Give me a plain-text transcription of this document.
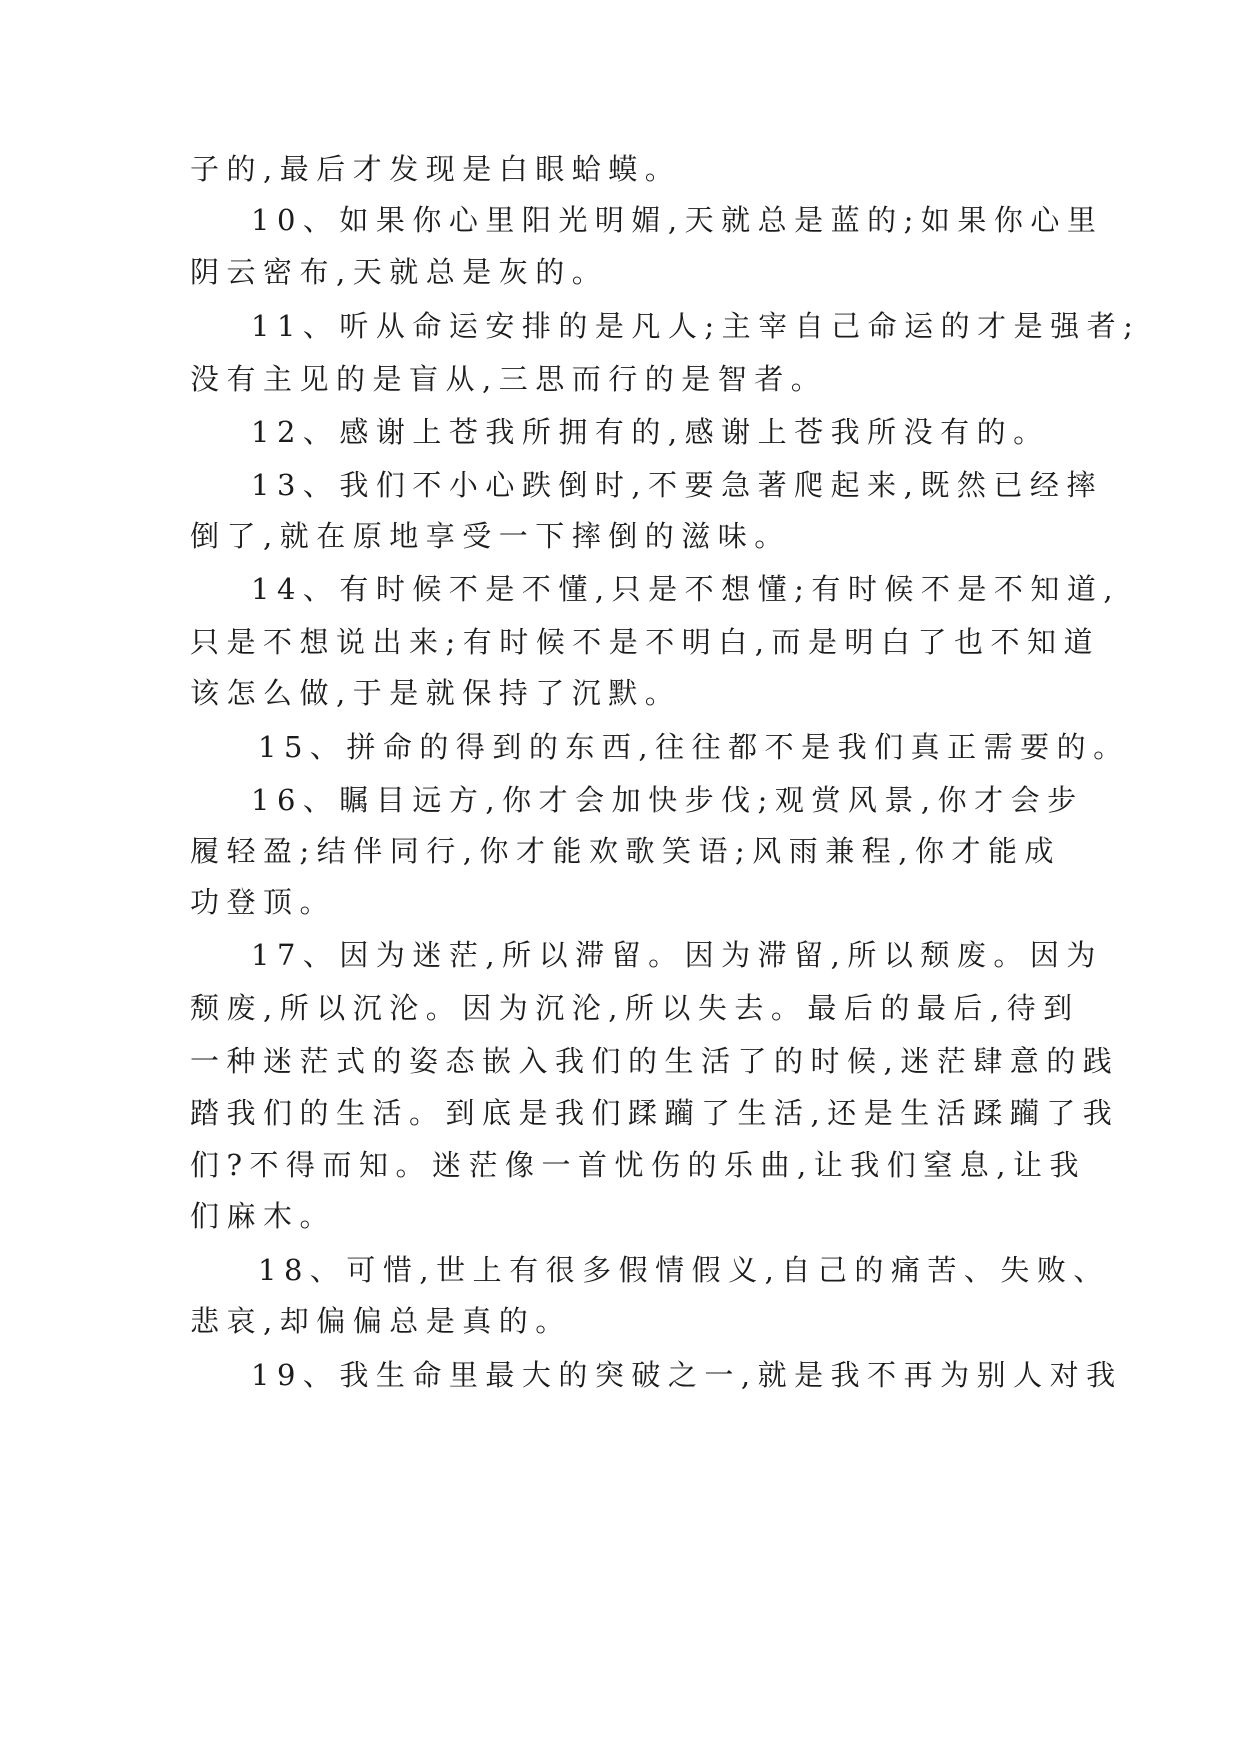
子的,最后才发现是白眼蛤蟆。
10、如果你心里阳光明媚,天就总是蓝的;如果你心里
阴云密布,天就总是灰的。
11、听从命运安排的是凡人;主宰自己命运的才是强者;
没有主见的是盲从,三思而行的是智者。
12、感谢上苍我所拥有的,感谢上苍我所没有的。
13、我们不小心跌倒时,不要急著爬起来,既然已经摔
倒了,就在原地享受一下摔倒的滋味。
14、有时候不是不懂,只是不想懂;有时候不是不知道,
只是不想说出来;有时候不是不明白,而是明白了也不知道
该怎么做,于是就保持了沉默。
15、拼命的得到的东西,往往都不是我们真正需要的。
16、瞩目远方,你才会加快步伐;观赏风景,你才会步
履轻盈;结伴同行,你才能欢歌笑语;风雨兼程,你才能成
功登顶。
17、因为迷茫,所以滞留。因为滞留,所以颓废。因为
颓废,所以沉沦。因为沉沦,所以失去。最后的最后,待到
一种迷茫式的姿态嵌入我们的生活了的时候,迷茫肆意的践
踏我们的生活。到底是我们蹂躏了生活,还是生活蹂躏了我
们?不得而知。迷茫像一首忧伤的乐曲,让我们窒息,让我
们麻木。
18、可惜,世上有很多假情假义,自己的痛苦、失败、
悲哀,却偏偏总是真的。
19、我生命里最大的突破之一,就是我不再为别人对我
